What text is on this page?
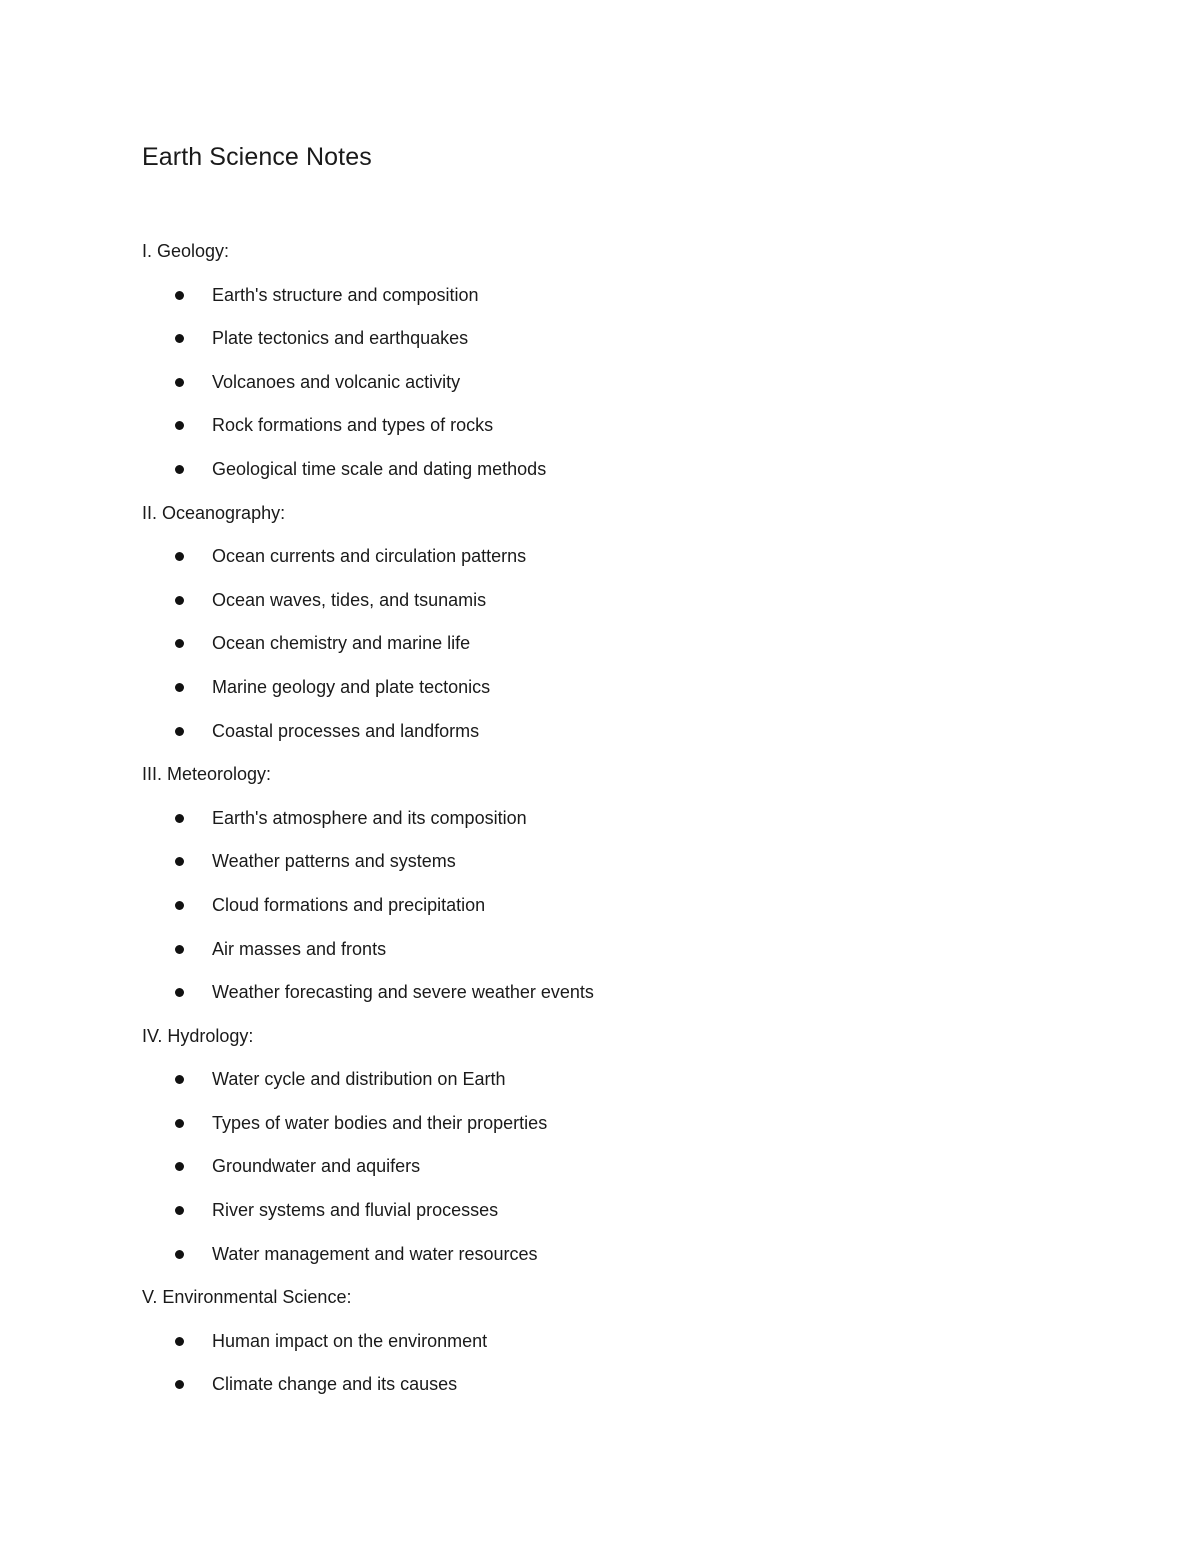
Earth Science Notes
I. Geology:
Earth's structure and composition
Plate tectonics and earthquakes
Volcanoes and volcanic activity
Rock formations and types of rocks
Geological time scale and dating methods
II. Oceanography:
Ocean currents and circulation patterns
Ocean waves, tides, and tsunamis
Ocean chemistry and marine life
Marine geology and plate tectonics
Coastal processes and landforms
III. Meteorology:
Earth's atmosphere and its composition
Weather patterns and systems
Cloud formations and precipitation
Air masses and fronts
Weather forecasting and severe weather events
IV. Hydrology:
Water cycle and distribution on Earth
Types of water bodies and their properties
Groundwater and aquifers
River systems and fluvial processes
Water management and water resources
V. Environmental Science:
Human impact on the environment
Climate change and its causes
